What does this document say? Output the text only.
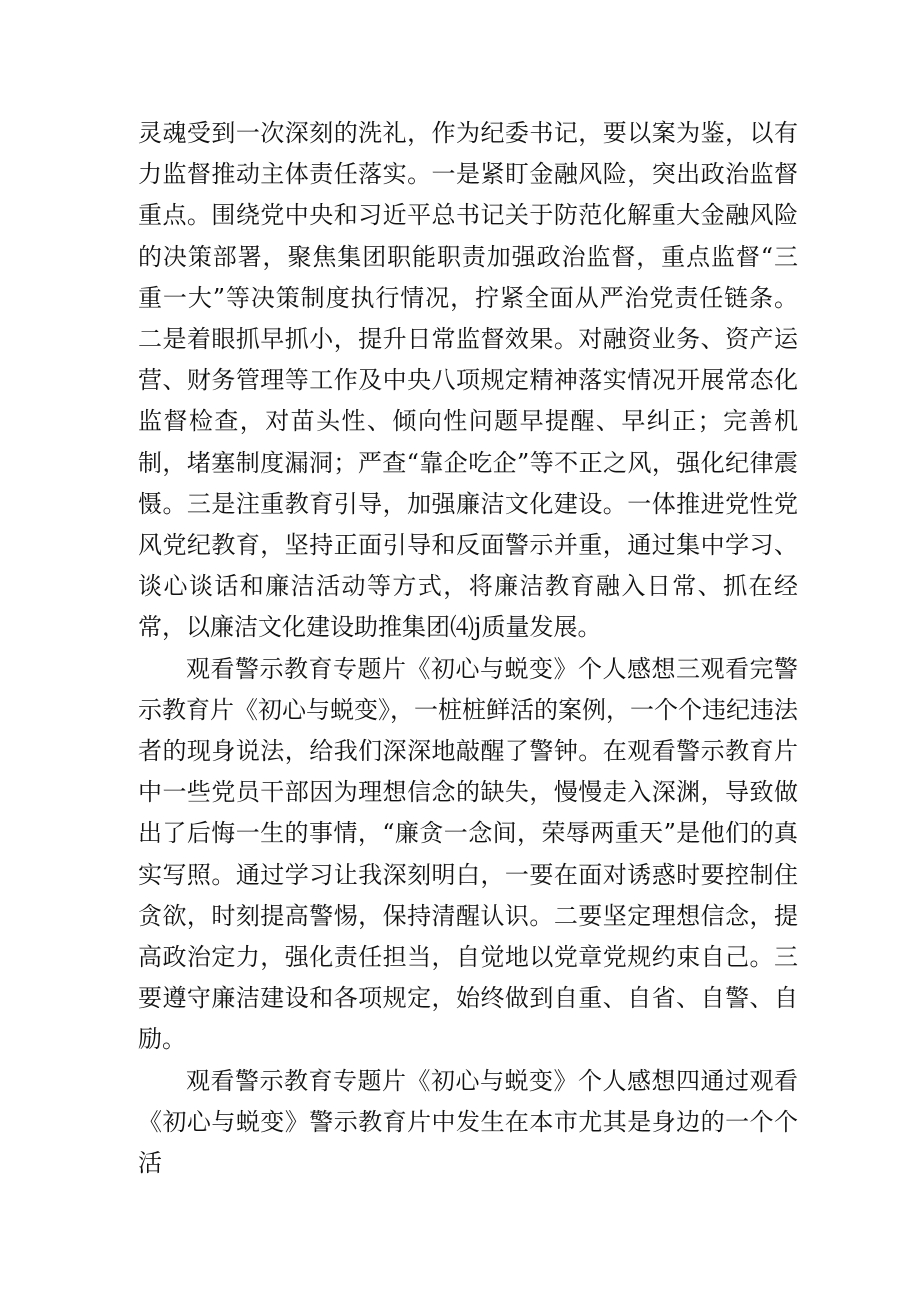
灵魂受到一次深刻的洗礼，作为纪委书记，要以案为鉴，以有力监督推动主体责任落实。一是紧盯金融风险，突出政治监督重点。围绕党中央和习近平总书记关于防范化解重大金融风险的决策部署，聚焦集团职能职责加强政治监督，重点监督“三重一大”等决策制度执行情况，拧紧全面从严治党责任链条。二是着眼抓早抓小，提升日常监督效果。对融资业务、资产运营、财务管理等工作及中央八项规定精神落实情况开展常态化监督检查，对苗头性、倾向性问题早提醒、早纠正；完善机制，堵塞制度漏洞；严查“靠企吃企”等不正之风，强化纪律震慑。三是注重教育引导，加强廉洁文化建设。一体推进党性党风党纪教育，坚持正面引导和反面警示并重，通过集中学习、谈心谈话和廉洁活动等方式，将廉洁教育融入日常、抓在经常，以廉洁文化建设助推集团⑷j质量发展。

观看警示教育专题片《初心与蜕变》个人感想三观看完警示教育片《初心与蜕变》，一桩桩鲜活的案例，一个个违纪违法者的现身说法，给我们深深地敲醒了警钟。在观看警示教育片中一些党员干部因为理想信念的缺失，慢慢走入深渊，导致做出了后悔一生的事情，“廉贪一念间，荣辱两重天”是他们的真实写照。通过学习让我深刻明白，一要在面对诱惑时要控制住贪欲，时刻提高警惕，保持清醒认识。二要坚定理想信念，提高政治定力，强化责任担当，自觉地以党章党规约束自己。三要遵守廉洁建设和各项规定，始终做到自重、自省、自警、自励。

观看警示教育专题片《初心与蜕变》个人感想四通过观看《初心与蜕变》警示教育片中发生在本市尤其是身边的一个个活
